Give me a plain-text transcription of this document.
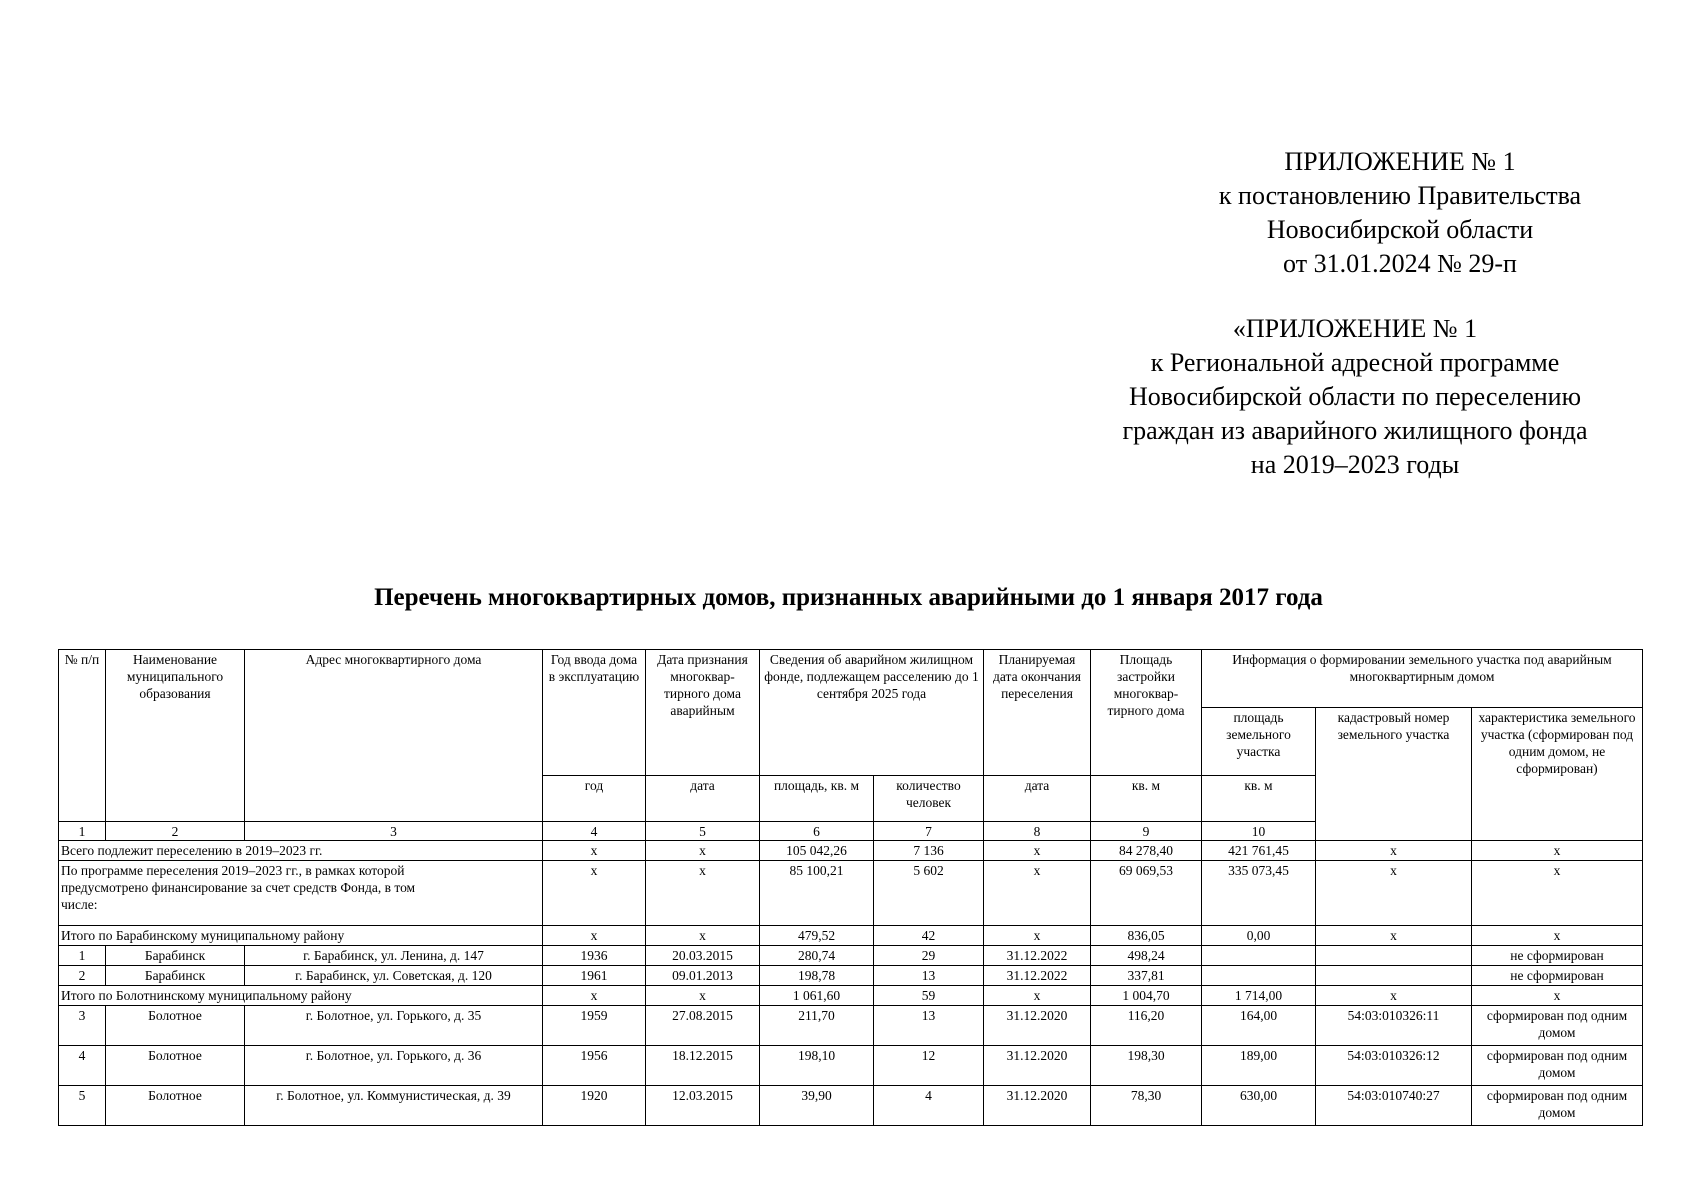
ПРИЛОЖЕНИЕ № 1
к постановлению Правительства
Новосибирской области
от 31.01.2024 № 29-п
«ПРИЛОЖЕНИЕ № 1
к Региональной адресной программе
Новосибирской области по переселению
граждан из аварийного жилищного фонда
на 2019–2023 годы
Перечень многоквартирных домов, признанных аварийными до 1 января 2017 года
№ п/п	Наименование муниципального образования	Адрес многоквартирного дома	Год ввода дома в эксплуатацию	Дата признания многоквар-тирного дома аварийным	Сведения об аварийном жилищном фонде, подлежащем расселению до 1 сентября 2025 года		Планируемая дата окончания переселения	Площадь застройки многоквар-тирного дома	Информация о формировании земельного участка под аварийным многоквартирным домом			
									площадь земельного участка	кадастровый номер земельного участка	характеристика земельного участка (сформирован под одним домом, не сформирован)	
			год	дата	площадь, кв. м	количество человек	дата	кв. м	кв. м			
1	2	3	4	5	6	7	8	9	10		
Всего подлежит переселению в 2019–2023 гг.			x	x	105 042,26	7 136	x	84 278,40	421 761,45	x	x	

По программе переселения 2019–2023 гг., в рамках которой предусмотрено финансирование за счет средств Фонда, в том числе:			x	x	85 100,21	5 602	x	69 069,53	335 073,45	x	x	
Итого по Барабинскому муниципальному району			x	x	479,52	42	x	836,05	0,00	x	x	
1	Барабинск	г. Барабинск, ул. Ленина, д. 147	1936	20.03.2015	280,74	29	31.12.2022	498,24			не сформирован	
2	Барабинск	г. Барабинск, ул. Советская, д. 120	1961	09.01.2013	198,78	13	31.12.2022	337,81			не сформирован	
Итого по Болотнинскому муниципальному району			x	x	1 061,60	59	x	1 004,70	1 714,00	x	x	
3	Болотное	г. Болотное, ул. Горького, д. 35	1959	27.08.2015	211,70	13	31.12.2020	116,20	164,00	54:03:010326:11	сформирован под одним домом	
4	Болотное	г. Болотное, ул. Горького, д. 36	1956	18.12.2015	198,10	12	31.12.2020	198,30	189,00	54:03:010326:12	сформирован под одним домом	
5	Болотное	г. Болотное, ул. Коммунистическая, д. 39	1920	12.03.2015	39,90	4	31.12.2020	78,30	630,00	54:03:010740:27	сформирован под одним домом	
